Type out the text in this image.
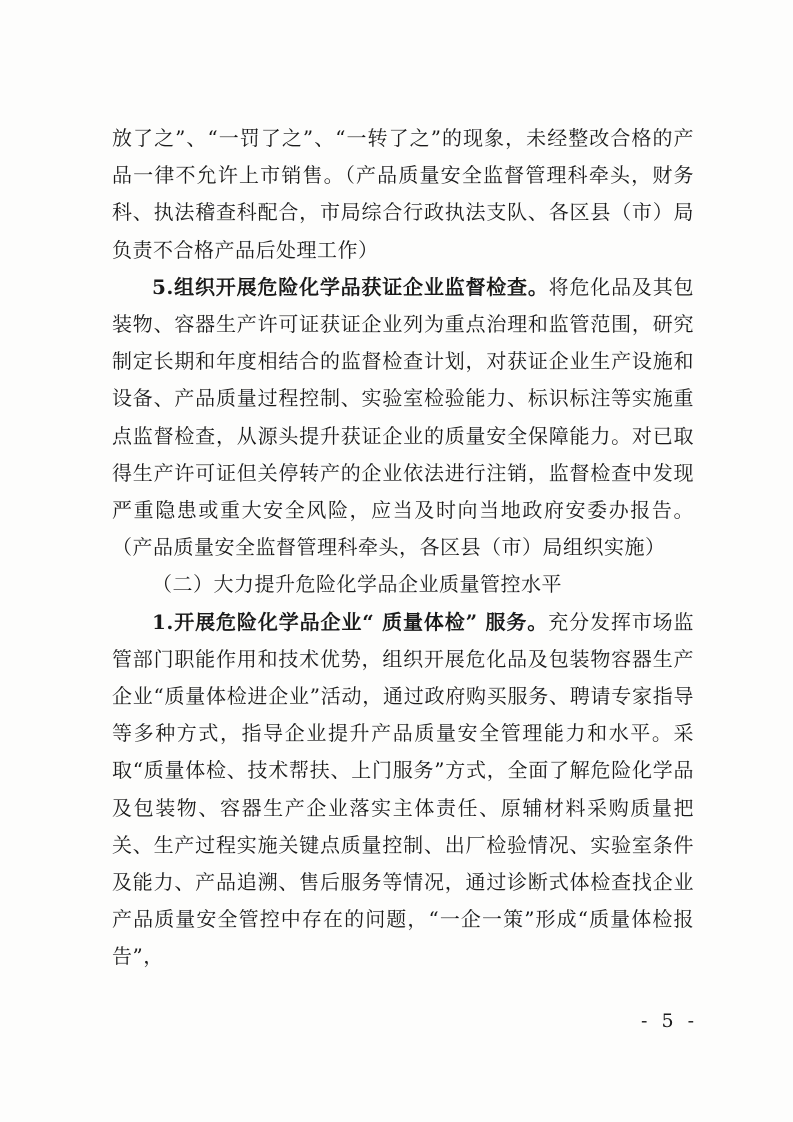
放了之”、“一罚了之”、“一转了之”的现象，未经整改合格的产品一律不允许上市销售。（产品质量安全监督管理科牵头，财务科、执法稽查科配合，市局综合行政执法支队、各区县（市）局负责不合格产品后处理工作）

5.组织开展危险化学品获证企业监督检查。将危化品及其包装物、容器生产许可证获证企业列为重点治理和监管范围，研究制定长期和年度相结合的监督检查计划，对获证企业生产设施和设备、产品质量过程控制、实验室检验能力、标识标注等实施重点监督检查，从源头提升获证企业的质量安全保障能力。对已取得生产许可证但关停转产的企业依法进行注销，监督检查中发现严重隐患或重大安全风险，应当及时向当地政府安委办报告。（产品质量安全监督管理科牵头，各区县（市）局组织实施）

（二）大力提升危险化学品企业质量管控水平

1.开展危险化学品企业“ 质量体检” 服务。充分发挥市场监管部门职能作用和技术优势，组织开展危化品及包装物容器生产企业“质量体检进企业”活动，通过政府购买服务、聘请专家指导等多种方式，指导企业提升产品质量安全管理能力和水平。采取“质量体检、技术帮扶、上门服务”方式，全面了解危险化学品及包装物、容器生产企业落实主体责任、原辅材料采购质量把关、生产过程实施关键点质量控制、出厂检验情况、实验室条件及能力、产品追溯、售后服务等情况，通过诊断式体检查找企业产品质量安全管控中存在的问题，“一企一策”形成“质量体检报告”，

- 5 -
